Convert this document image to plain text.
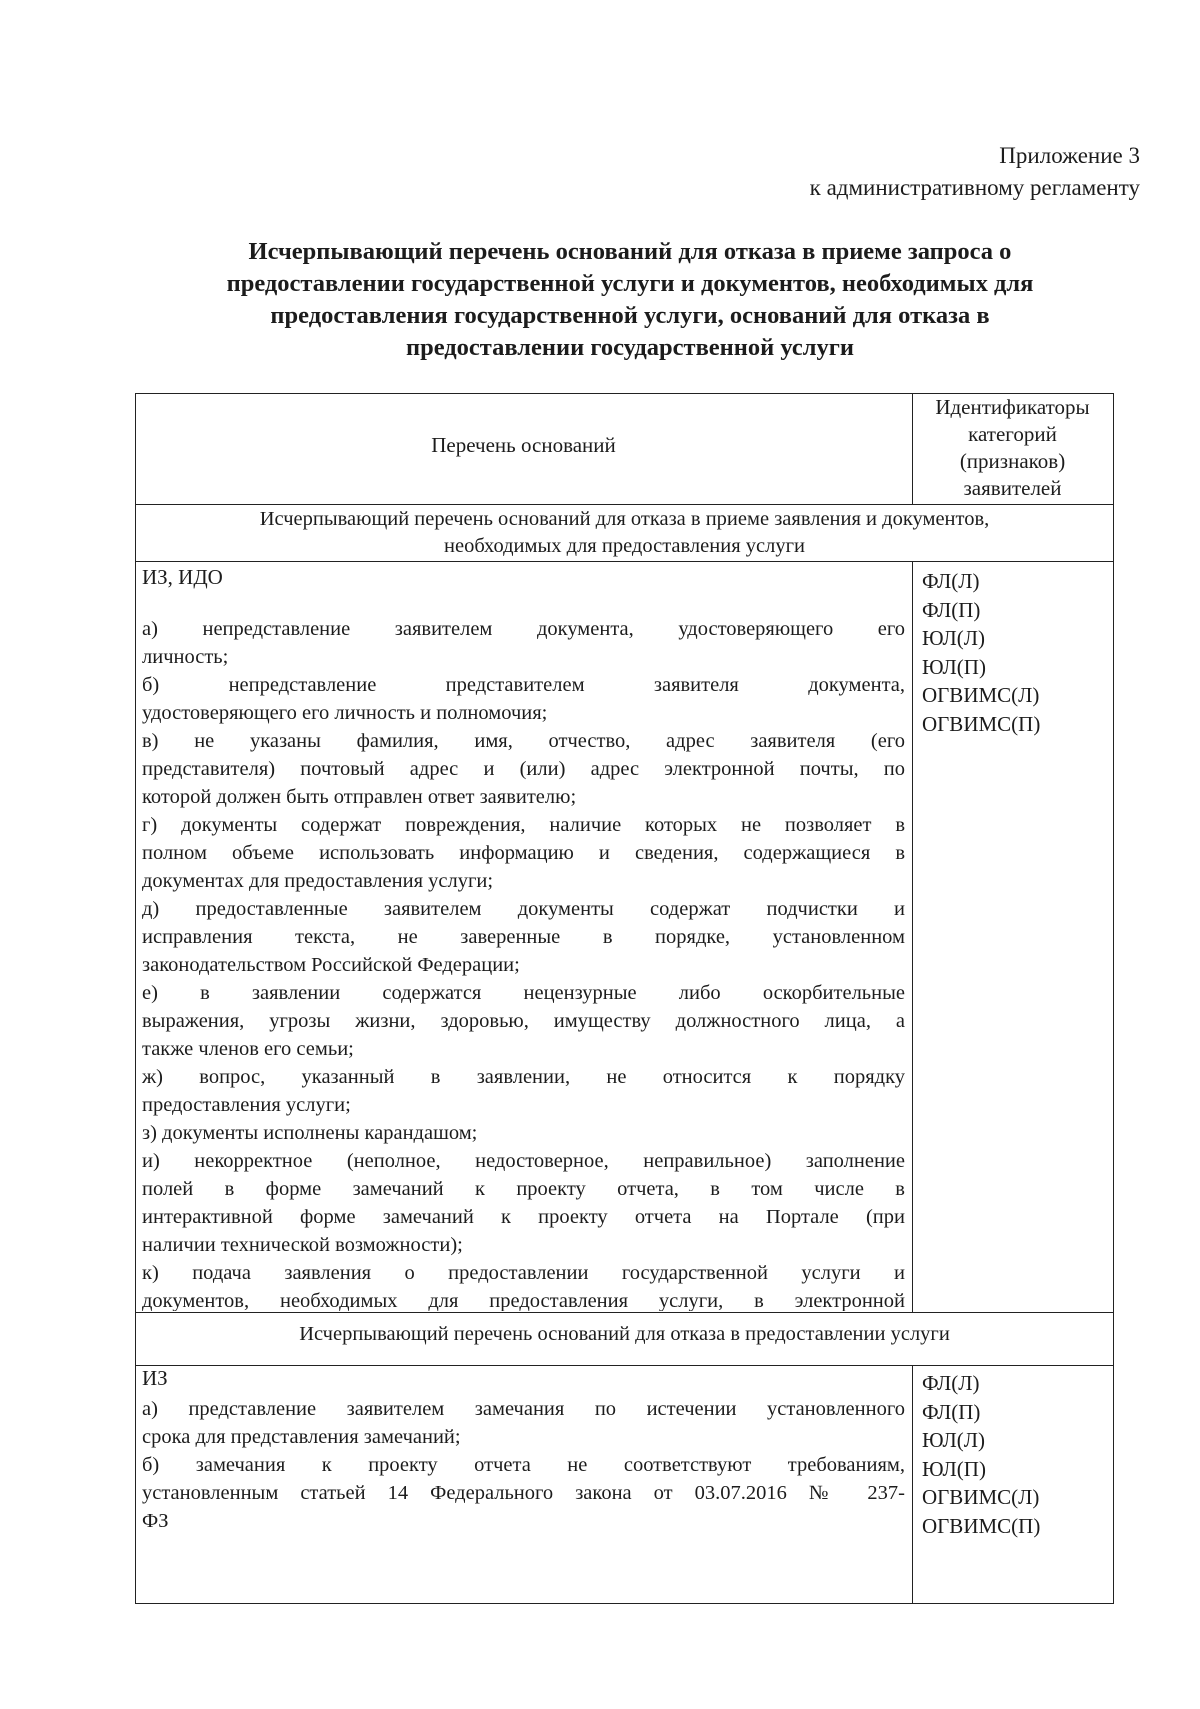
Приложение 3
к административному регламенту
Исчерпывающий перечень оснований для отказа в приеме запроса о
предоставлении государственной услуги и документов, необходимых для
предоставления государственной услуги, оснований для отказа в
предоставлении государственной услуги
Перечень оснований
Идентификаторы
категорий
(признаков)
заявителей
Исчерпывающий перечень оснований для отказа в приеме заявления и документов,
необходимых для предоставления услуги
ИЗ, ИДО
а) непредставление заявителем документа, удостоверяющего его
личность;
б) непредставление представителем заявителя документа,
удостоверяющего его личность и полномочия;
в) не указаны фамилия, имя, отчество, адрес заявителя (его
представителя) почтовый адрес и (или) адрес электронной почты, по
которой должен быть отправлен ответ заявителю;
г) документы содержат повреждения, наличие которых не позволяет в
полном объеме использовать информацию и сведения, содержащиеся в
документах для предоставления услуги;
д) предоставленные заявителем документы содержат подчистки и
исправления текста, не заверенные в порядке, установленном
законодательством Российской Федерации;
е) в заявлении содержатся нецензурные либо оскорбительные
выражения, угрозы жизни, здоровью, имуществу должностного лица, а
также членов его семьи;
ж) вопрос, указанный в заявлении, не относится к порядку
предоставления услуги;
з) документы исполнены карандашом;
и) некорректное (неполное, недостоверное, неправильное) заполнение
полей в форме замечаний к проекту отчета, в том числе в
интерактивной форме замечаний к проекту отчета на Портале (при
наличии технической возможности);
к) подача заявления о предоставлении государственной услуги и
документов, необходимых для предоставления услуги, в электронной
ФЛ(Л)
ФЛ(П)
ЮЛ(Л)
ЮЛ(П)
ОГВИМС(Л)
ОГВИМС(П)
Исчерпывающий перечень оснований для отказа в предоставлении услуги
ИЗ
а) представление заявителем замечания по истечении установленного
срока для представления замечаний;
б) замечания к проекту отчета не соответствуют требованиям,
установленным статьей 14 Федерального закона от 03.07.2016 № 237-
ФЗ
ФЛ(Л)
ФЛ(П)
ЮЛ(Л)
ЮЛ(П)
ОГВИМС(Л)
ОГВИМС(П)
